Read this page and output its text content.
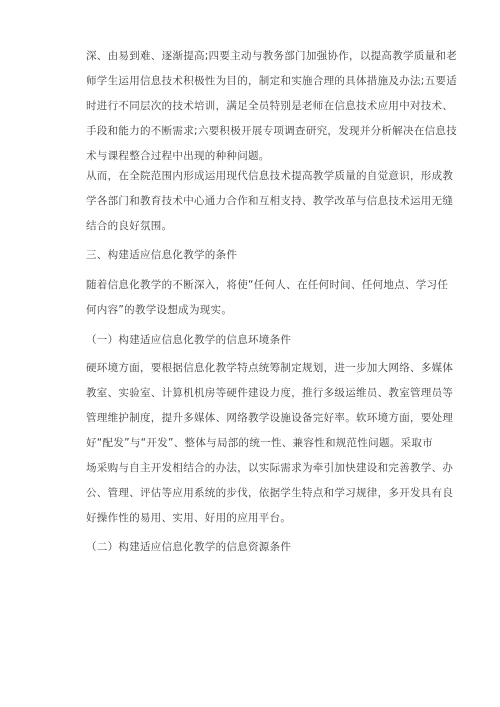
深、由易到难、逐渐提高;四要主动与教务部门加强协作，以提高教学质量和老
师学生运用信息技术积极性为目的，制定和实施合理的具体措施及办法;五要适
时进行不同层次的技术培训，满足全员特别是老师在信息技术应用中对技术、
手段和能力的不断需求;六要积极开展专项调查研究，发现并分析解决在信息技
术与课程整合过程中出现的种种问题。

从而，在全院范围内形成运用现代信息技术提高教学质量的自觉意识，形成教
学各部门和教育技术中心通力合作和互相支持、教学改革与信息技术运用无缝
结合的良好氛围。

三、构建适应信息化教学的条件

随着信息化教学的不断深入，将使“任何人、在任何时间、任何地点、学习任
何内容”的教学设想成为现实。

（一）构建适应信息化教学的信息环境条件

硬环境方面，要根据信息化教学特点统筹制定规划，进一步加大网络、多媒体
教室、实验室、计算机机房等硬件建设力度，推行多级运维员、教室管理员等
管理维护制度，提升多媒体、网络教学设施设备完好率。软环境方面，要处理
好“配发”与“开发”、整体与局部的统一性、兼容性和规范性问题。采取市
场采购与自主开发相结合的办法，以实际需求为牵引加快建设和完善教学、办
公、管理、评估等应用系统的步伐，依据学生特点和学习规律，多开发具有良
好操作性的易用、实用、好用的应用平台。

（二）构建适应信息化教学的信息资源条件
